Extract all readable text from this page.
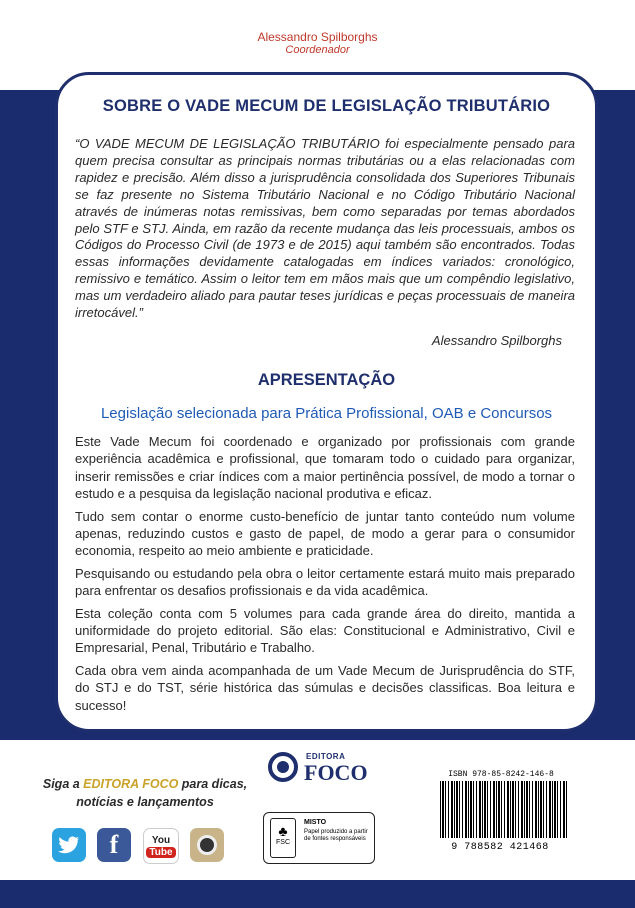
Alessandro Spilborghs
Coordenador
SOBRE O VADE MECUM DE LEGISLAÇÃO TRIBUTÁRIO
“O VADE MECUM DE LEGISLAÇÃO TRIBUTÁRIO foi especialmente pensado para quem precisa consultar as principais normas tributárias ou a elas relacionadas com rapidez e precisão. Além disso a jurisprudência consolidada dos Superiores Tribunais se faz presente no Sistema Tributário Nacional e no Código Tributário Nacional através de inúmeras notas remissivas, bem como separadas por temas abordados pelo STF e STJ. Ainda, em razão da recente mudança das leis processuais, ambos os Códigos do Processo Civil (de 1973 e de 2015) aqui também são encontrados. Todas essas informações devidamente catalogadas em índices variados: cronológico, remissivo e temático. Assim o leitor tem em mãos mais que um compêndio legislativo, mas um verdadeiro aliado para pautar teses jurídicas e peças processuais de maneira irretocável.”
Alessandro Spilborghs
APRESENTAÇÃO
Legislação selecionada para Prática Profissional, OAB e Concursos

Este Vade Mecum foi coordenado e organizado por profissionais com grande experiência acadêmica e profissional, que tomaram todo o cuidado para organizar, inserir remissões e criar índices com a maior pertinência possível, de modo a tornar o estudo e a pesquisa da legislação nacional produtiva e eficaz.

Tudo sem contar o enorme custo-benefício de juntar tanto conteúdo num volume apenas, reduzindo custos e gasto de papel, de modo a gerar para o consumidor economia, respeito ao meio ambiente e praticidade.

Pesquisando ou estudando pela obra o leitor certamente estará muito mais preparado para enfrentar os desafios profissionais e da vida acadêmica.

Esta coleção conta com 5 volumes para cada grande área do direito, mantida a uniformidade do projeto editorial. São elas: Constitucional e Administrativo, Civil e Empresarial, Penal, Tributário e Trabalho.

Cada obra vem ainda acompanhada de um Vade Mecum de Jurisprudência do STF, do STJ e do TST, série histórica das súmulas e decisões classificas. Boa leitura e sucesso!

Siga a EDITORA FOCO para dicas, notícias e lançamentos
f	You
Tube
EDITORA
FOCO
♣
FSC
MISTO
Papel produzido a partir de fontes responsáveis
ISBN 978-85-8242-146-8
9 788582 421468
